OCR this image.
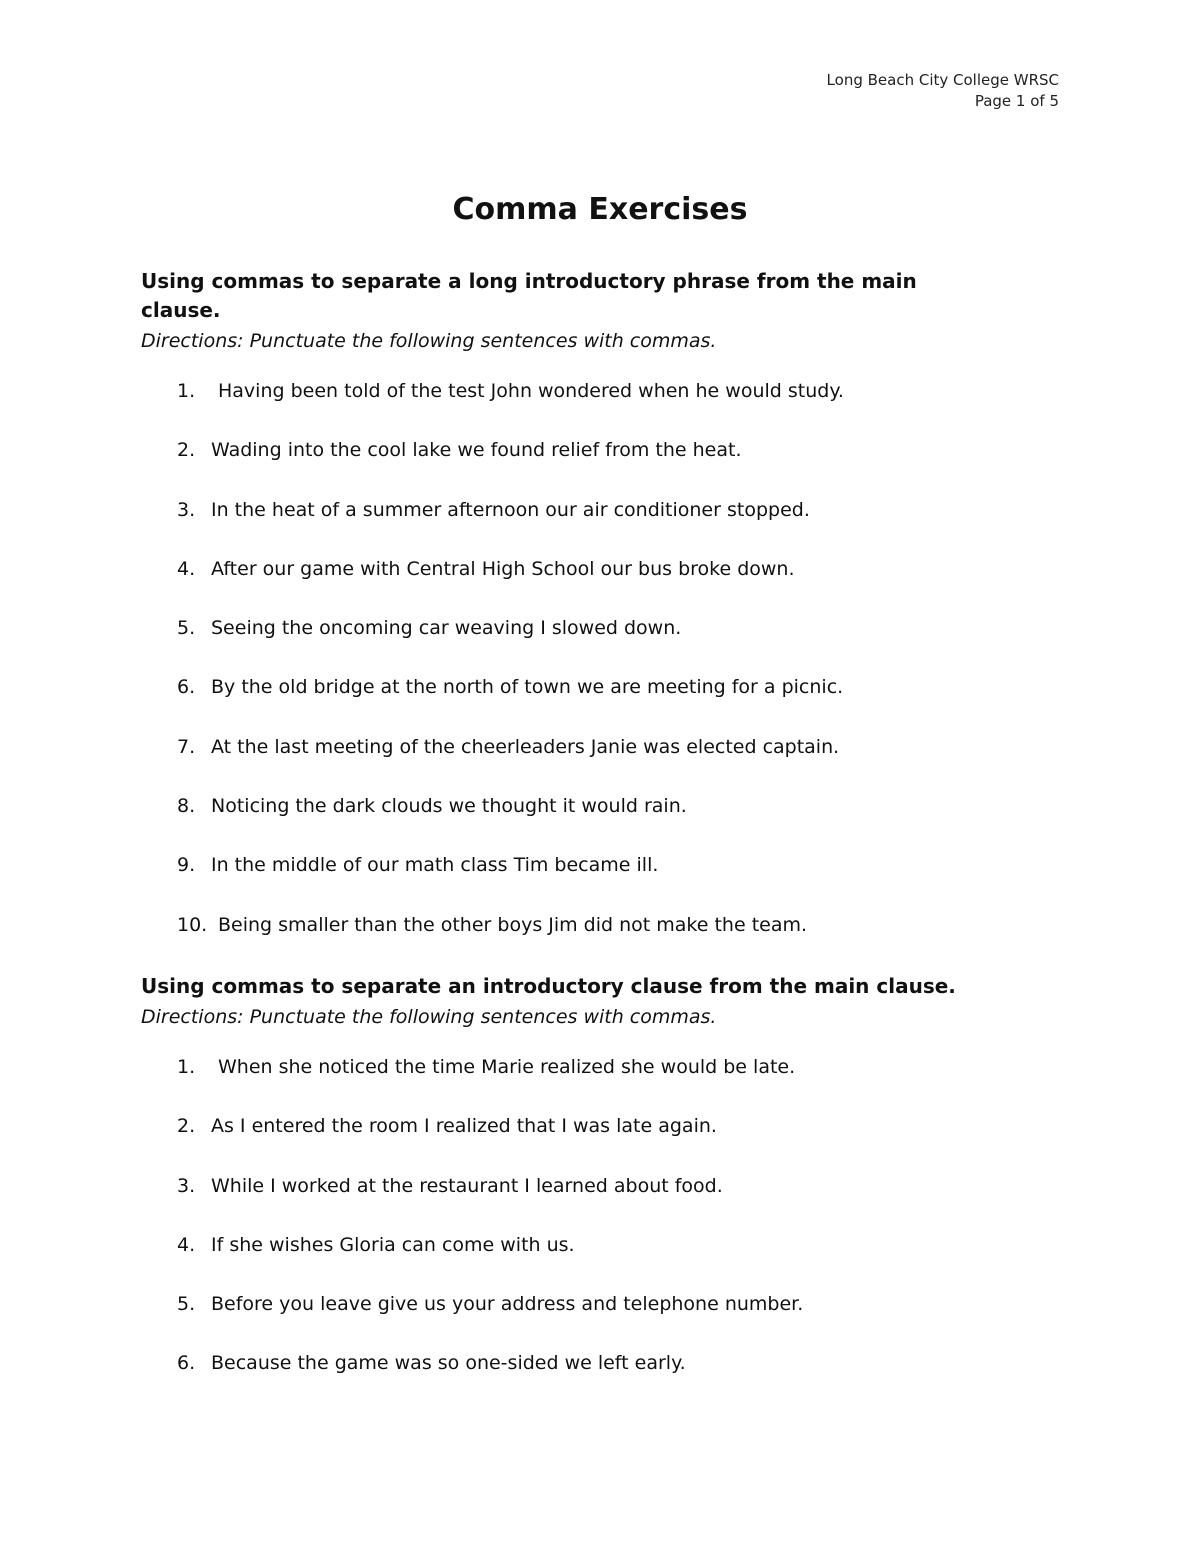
Long Beach City College WRSC
Page 1 of 5
Comma Exercises

Using commas to separate a long introductory phrase from the main
clause.

Directions: Punctuate the following sentences with commas.

1. Having been told of the test John wondered when he would study.
2. Wading into the cool lake we found relief from the heat.
3. In the heat of a summer afternoon our air conditioner stopped.
4. After our game with Central High School our bus broke down.
5. Seeing the oncoming car weaving I slowed down.
6. By the old bridge at the north of town we are meeting for a picnic.
7. At the last meeting of the cheerleaders Janie was elected captain.
8. Noticing the dark clouds we thought it would rain.
9. In the middle of our math class Tim became ill.
10. Being smaller than the other boys Jim did not make the team.

Using commas to separate an introductory clause from the main clause.

Directions: Punctuate the following sentences with commas.

1. When she noticed the time Marie realized she would be late.
2. As I entered the room I realized that I was late again.
3. While I worked at the restaurant I learned about food.
4. If she wishes Gloria can come with us.
5. Before you leave give us your address and telephone number.
6. Because the game was so one-sided we left early.
